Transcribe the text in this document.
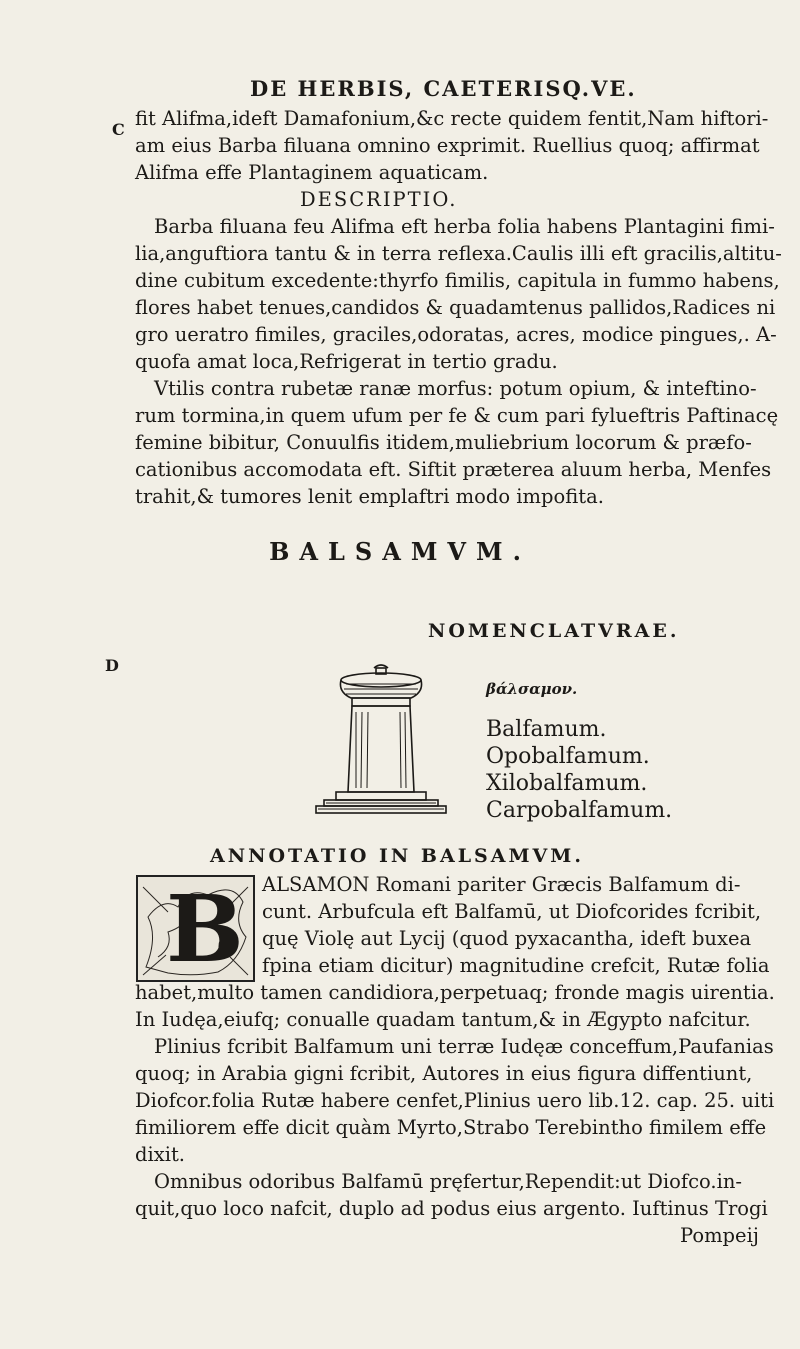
DE HERBIS, CAETERISQ.VE.
C
D
fit Alifma,ideft Damafonium,&c recte quidem fentit,Nam hiftori-
am eius Barba filuana omnino exprimit. Ruellius quoq; affirmat
Alifma effe Plantaginem aquaticam.
DESCRIPTIO.
Barba filuana feu Alifma eft herba folia habens Plantagini fimi-
lia,anguftiora tantu & in terra reflexa.Caulis illi eft gracilis,altitu-
dine cubitum excedente:thyrfo fimilis, capitula in fummo habens,
flores habet tenues,candidos & quadamtenus pallidos,Radices ni
gro ueratro fimiles, graciles,odoratas, acres, modice pingues,. A-
quofa amat loca,Refrigerat in tertio gradu.
Vtilis contra rubetæ ranæ morfus: potum opium, & inteftino-
rum tormina,in quem ufum per fe & cum pari fylueftris Paftinacę
femine bibitur, Conuulfis itidem,muliebrium locorum & præfo-
cationibus accomodata eft. Siftit præterea aluum herba, Menfes
trahit,& tumores lenit emplaftri modo impofita.
BALSAMVM.
NOMENCLATVRAE.
βάλσαμον.
Balfamum.
Opobalfamum.
Xilobalfamum.
Carpobalfamum.
ANNOTATIO IN BALSAMVM.
B ALSAMON Romani pariter Græcis Balfamum di-
cunt. Arbufcula eft Balfamū, ut Diofcorides fcribit,
quę Violę aut Lycij (quod pyxacantha, ideft buxea
fpina etiam dicitur) magnitudine crefcit, Rutæ folia
habet,multo tamen candidiora,perpetuaq; fronde magis uirentia.
In Iudęa,eiufq; conualle quadam tantum,& in Ægypto nafcitur.
Plinius fcribit Balfamum uni terræ Iudęæ conceffum,Paufanias
quoq; in Arabia gigni fcribit, Autores in eius figura diffentiunt,
Diofcor.folia Rutæ habere cenfet,Plinius uero lib.12. cap. 25. uiti
fimiliorem effe dicit quàm Myrto,Strabo Terebintho fimilem effe
dixit.
Omnibus odoribus Balfamū pręfertur,Rependit:ut Diofco.in-
quit,quo loco nafcit, duplo ad podus eius argento. Iuftinus Trogi
Pompeij
